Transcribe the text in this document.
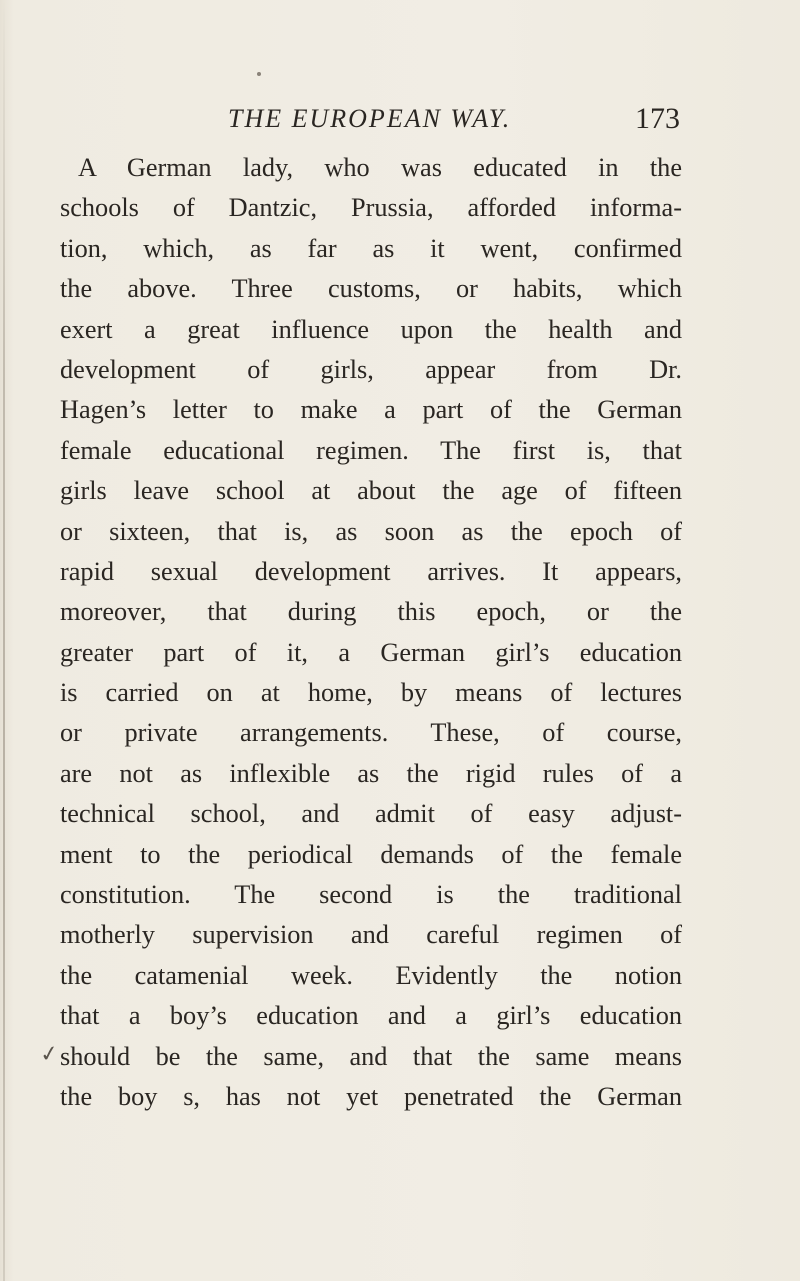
THE EUROPEAN WAY.	173
A German lady, who was educated in the
schools of Dantzic, Prussia, afforded informa-
tion, which, as far as it went, confirmed
the above. Three customs, or habits, which
exert a great influence upon the health and
development of girls, appear from Dr.
Hagen’s letter to make a part of the German
female educational regimen. The first is, that
girls leave school at about the age of fifteen
or sixteen, that is, as soon as the epoch of
rapid sexual development arrives. It appears,
moreover, that during this epoch, or the
greater part of it, a German girl’s education
is carried on at home, by means of lectures
or private arrangements. These, of course,
are not as inflexible as the rigid rules of a
technical school, and admit of easy adjust-
ment to the periodical demands of the female
constitution. The second is the traditional
motherly supervision and careful regimen of
the catamenial week. Evidently the notion
that a boy’s education and a girl’s education
should be the same, and that the same means
the boy s, has not yet penetrated the German
✓
